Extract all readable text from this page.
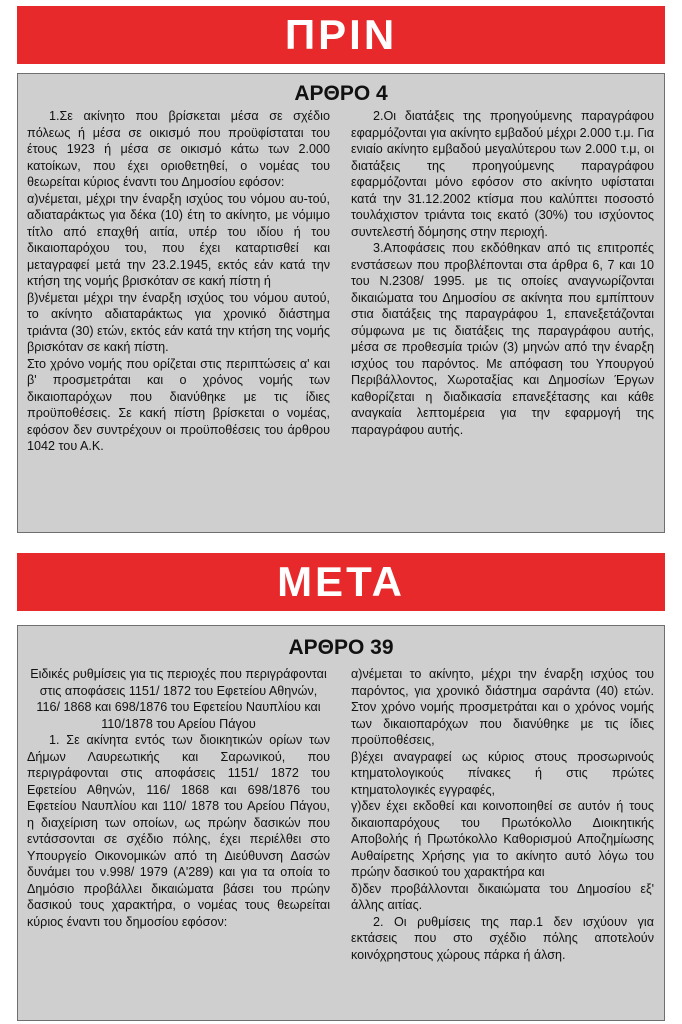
ΠΡΙΝ
ΑΡΘΡΟ 4

1.Σε ακίνητο που βρίσκεται μέσα σε σχέδιο πόλεως ή μέσα σε οικισμό που προϋφίσταται του έτους 1923 ή μέσα σε οικισμό κάτω των 2.000 κατοίκων, που έχει οριοθετηθεί, ο νομέας του θεωρείται κύριος έναντι του Δημοσίου εφόσον:

α)νέμεται, μέχρι την έναρξη ισχύος του νόμου αυ-τού, αδιαταράκτως για δέκα (10) έτη το ακίνητο, με νόμιμο τίτλο από επαχθή αιτία, υπέρ του ιδίου ή του δικαιοπαρόχου του, που έχει καταρτισθεί και μεταγραφεί μετά την 23.2.1945, εκτός εάν κατά την κτήση της νομής βρισκόταν σε κακή πίστη ή

β)νέμεται μέχρι την έναρξη ισχύος του νόμου αυτού, το ακίνητο αδιαταράκτως για χρονικό διάστημα τριάντα (30) ετών, εκτός εάν κατά την κτήση της νομής βρισκόταν σε κακή πίστη.

Στο χρόνο νομής που ορίζεται στις περιπτώσεις α' και β' προσμετράται και ο χρόνος νομής των δικαιοπαρόχων που διανύθηκε με τις ίδιες προϋποθέσεις. Σε κακή πίστη βρίσκεται ο νομέας, εφόσον δεν συντρέχουν οι προϋποθέσεις του άρθρου 1042 του Α.Κ.

2.Οι διατάξεις της προηγούμενης παραγράφου εφαρμόζονται για ακίνητο εμβαδού μέχρι 2.000 τ.μ. Για ενιαίο ακίνητο εμβαδού μεγαλύτερου των 2.000 τ.μ, οι διατάξεις της προηγούμενης παραγράφου εφαρμόζονται μόνο εφόσον στο ακίνητο υφίσταται κατά την 31.12.2002 κτίσμα που καλύπτει ποσοστό τουλάχιστον τριάντα τοις εκατό (30%) του ισχύοντος συντελεστή δόμησης στην περιοχή.

3.Αποφάσεις που εκδόθηκαν από τις επιτροπές ενστάσεων που προβλέπονται στα άρθρα 6, 7 και 10 του Ν.2308/ 1995. με τις οποίες αναγνωρίζονται δικαιώματα του Δημοσίου σε ακίνητα που εμπίπτουν στια διατάξεις της παραγράφου 1, επανεξετάζονται σύμφωνα με τις διατάξεις της παραγράφου αυτής, μέσα σε προθεσμία τριών (3) μηνών από την έναρξη ισχύος του παρόντος. Με απόφαση του Υπουργού Περιβάλλοντος, Χωροταξίας και Δημοσίων Έργων καθορίζεται η διαδικασία επανεξέτασης και κάθε αναγκαία λεπτομέρεια για την εφαρμογή της παραγράφου αυτής.

ΜΕΤΑ
ΑΡΘΡΟ 39

Ειδικές ρυθμίσεις για τις περιοχές που περιγράφονται στις αποφάσεις 1151/ 1872 του Εφετείου Αθηνών, 116/ 1868 και 698/1876 του Εφετείου Ναυπλίου και 110/1878 του Αρείου Πάγου

1. Σε ακίνητα εντός των διοικητικών ορίων των Δήμων Λαυρεωτικής και Σαρωνικού, που περιγράφονται στις αποφάσεις 1151/ 1872 του Εφετείου Αθηνών, 116/ 1868 και 698/1876 του Εφετείου Ναυπλίου και 110/ 1878 του Αρείου Πάγου, η διαχείριση των οποίων, ως πρώην δασικών που εντάσσονται σε σχέδιο πόλης, έχει περιέλθει στο Υπουργείο Οικονομικών από τη Διεύθυνση Δασών δυνάμει του ν.998/ 1979 (Α'289) και για τα οποία το Δημόσιο προβάλλει δικαιώματα βάσει του πρώην δασικού τους χαρακτήρα, ο νομέας τους θεωρείται κύριος έναντι του δημοσίου εφόσον:

α)νέμεται το ακίνητο, μέχρι την έναρξη ισχύος του παρόντος, για χρονικό διάστημα σαράντα (40) ετών. Στον χρόνο νομής προσμετράται και ο χρόνος νομής των δικαιοπαρόχων που διανύθηκε με τις ίδιες προϋποθέσεις,

β)έχει αναγραφεί ως κύριος στους προσωρινούς κτηματολογικούς πίνακες ή στις πρώτες κτηματολογικές εγγραφές,

γ)δεν έχει εκδοθεί και κοινοποιηθεί σε αυτόν ή τους δικαιοπαρόχους του Πρωτόκολλο Διοικητικής Αποβολής ή Πρωτόκολλο Καθορισμού Αποζημίωσης Αυθαίρετης Χρήσης για το ακίνητο αυτό λόγω του πρώην δασικού του χαρακτήρα και

δ)δεν προβάλλονται δικαιώματα του Δημοσίου εξ' άλλης αιτίας.

2. Οι ρυθμίσεις της παρ.1 δεν ισχύουν για εκτάσεις που στο σχέδιο πόλης αποτελούν κοινόχρηστους χώρους πάρκα ή άλση.
